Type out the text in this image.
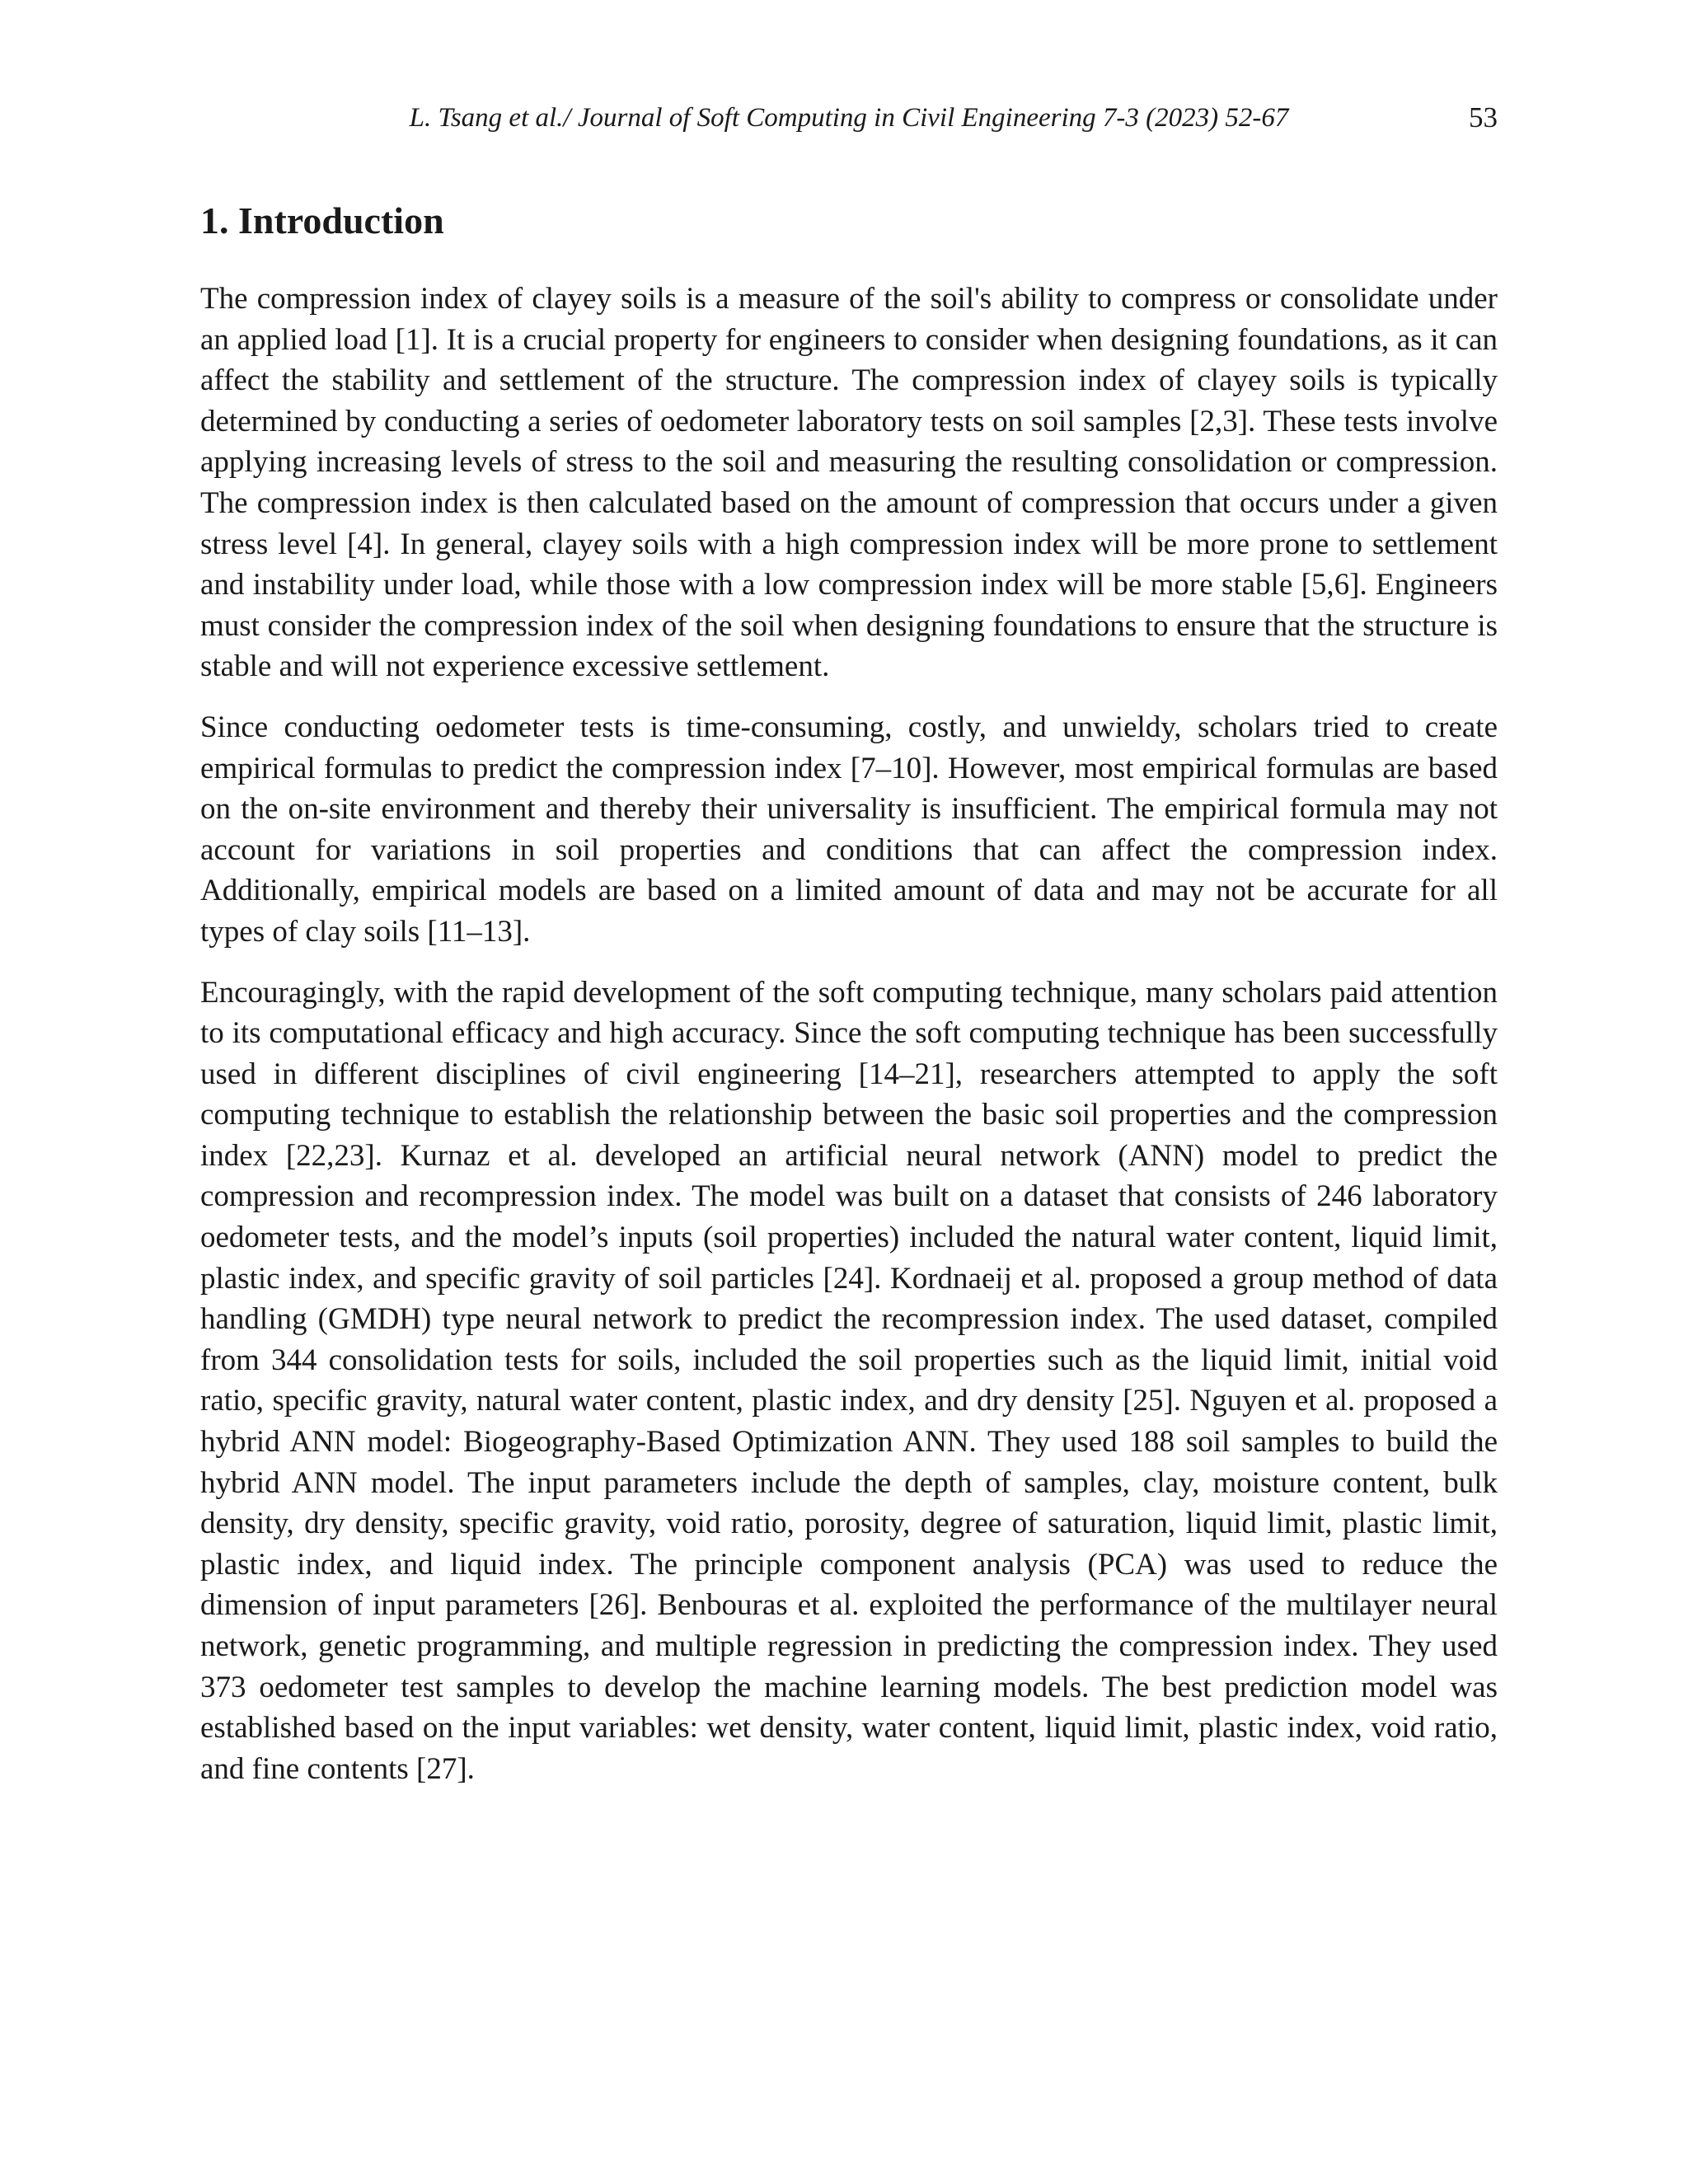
L. Tsang et al./ Journal of Soft Computing in Civil Engineering 7-3 (2023) 52-67	53
1. Introduction

The compression index of clayey soils is a measure of the soil's ability to compress or consolidate under an applied load [1]. It is a crucial property for engineers to consider when designing foundations, as it can affect the stability and settlement of the structure. The compression index of clayey soils is typically determined by conducting a series of oedometer laboratory tests on soil samples [2,3]. These tests involve applying increasing levels of stress to the soil and measuring the resulting consolidation or compression. The compression index is then calculated based on the amount of compression that occurs under a given stress level [4]. In general, clayey soils with a high compression index will be more prone to settlement and instability under load, while those with a low compression index will be more stable [5,6]. Engineers must consider the compression index of the soil when designing foundations to ensure that the structure is stable and will not experience excessive settlement.

Since conducting oedometer tests is time-consuming, costly, and unwieldy, scholars tried to create empirical formulas to predict the compression index [7–10]. However, most empirical formulas are based on the on-site environment and thereby their universality is insufficient. The empirical formula may not account for variations in soil properties and conditions that can affect the compression index. Additionally, empirical models are based on a limited amount of data and may not be accurate for all types of clay soils [11–13].

Encouragingly, with the rapid development of the soft computing technique, many scholars paid attention to its computational efficacy and high accuracy. Since the soft computing technique has been successfully used in different disciplines of civil engineering [14–21], researchers attempted to apply the soft computing technique to establish the relationship between the basic soil properties and the compression index [22,23]. Kurnaz et al. developed an artificial neural network (ANN) model to predict the compression and recompression index. The model was built on a dataset that consists of 246 laboratory oedometer tests, and the model’s inputs (soil properties) included the natural water content, liquid limit, plastic index, and specific gravity of soil particles [24]. Kordnaeij et al. proposed a group method of data handling (GMDH) type neural network to predict the recompression index. The used dataset, compiled from 344 consolidation tests for soils, included the soil properties such as the liquid limit, initial void ratio, specific gravity, natural water content, plastic index, and dry density [25]. Nguyen et al. proposed a hybrid ANN model: Biogeography-Based Optimization ANN. They used 188 soil samples to build the hybrid ANN model. The input parameters include the depth of samples, clay, moisture content, bulk density, dry density, specific gravity, void ratio, porosity, degree of saturation, liquid limit, plastic limit, plastic index, and liquid index. The principle component analysis (PCA) was used to reduce the dimension of input parameters [26]. Benbouras et al. exploited the performance of the multilayer neural network, genetic programming, and multiple regression in predicting the compression index. They used 373 oedometer test samples to develop the machine learning models. The best prediction model was established based on the input variables: wet density, water content, liquid limit, plastic index, void ratio, and fine contents [27].
